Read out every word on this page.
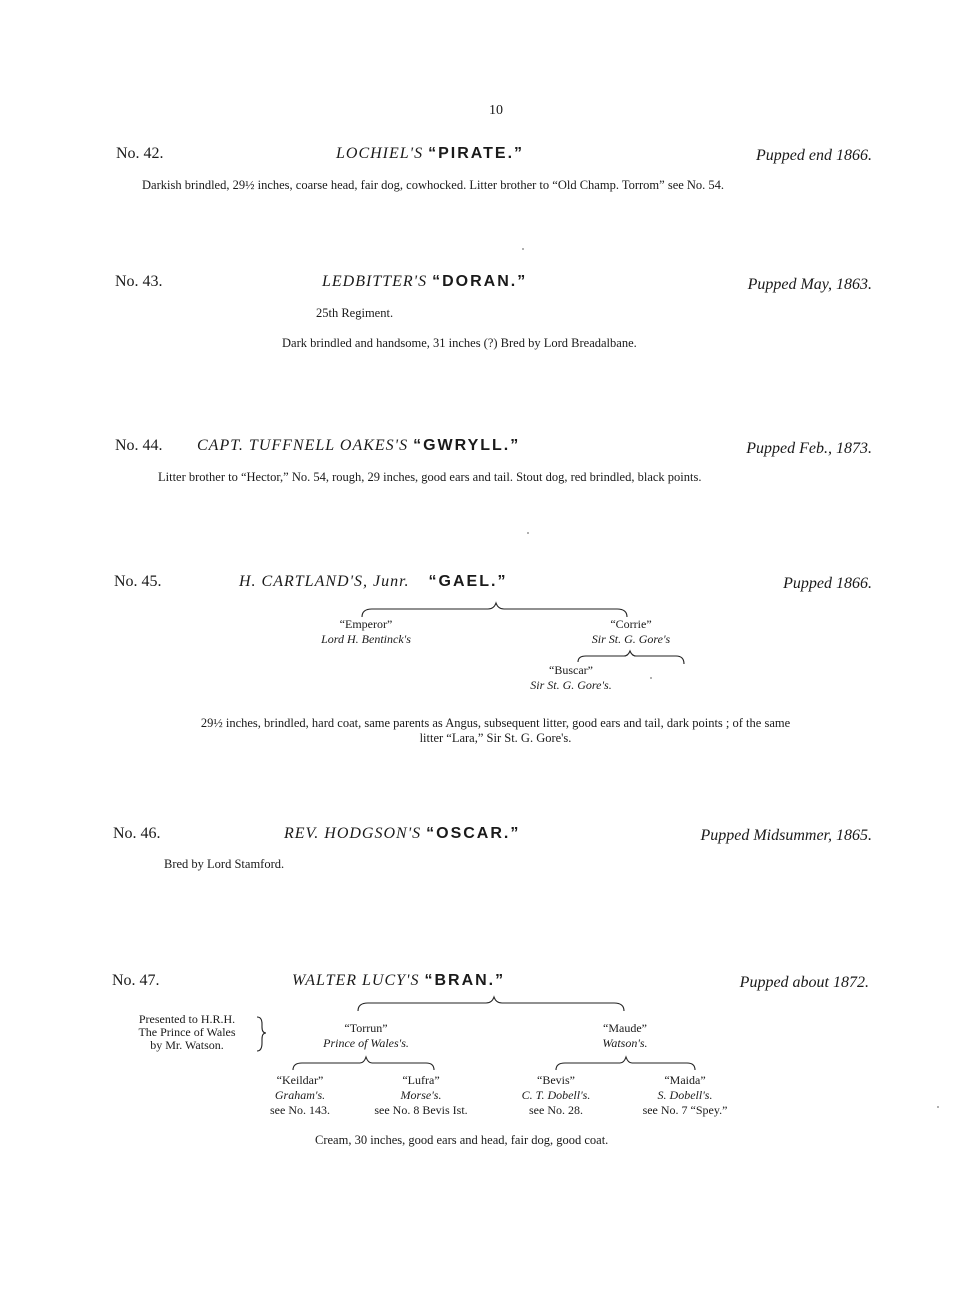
10
No. 42.	LOCHIEL'S “PIRATE.”	Pupped end 1866.
Darkish brindled, 29½ inches, coarse head, fair dog, cowhocked. Litter brother to “Old Champ. Torrom” see No. 54.
No. 43.	LEDBITTER'S “DORAN.”	Pupped May, 1863.
25th Regiment.
Dark brindled and handsome, 31 inches (?) Bred by Lord Breadalbane.
No. 44. CAPT. TUFFNELL OAKES'S “GWRYLL.”	Pupped Feb., 1873.
Litter brother to “Hector,” No. 54, rough, 29 inches, good ears and tail. Stout dog, red brindled, black points.
No. 45.	H. CARTLAND'S, Junr. “GAEL.”	Pupped 1866.
“Emperor”
Lord H. Bentinck's
“Corrie”
Sir St. G. Gore's
“Buscar”
Sir St. G. Gore's.
29½ inches, brindled, hard coat, same parents as Angus, subsequent litter, good ears and tail, dark points ; of the same
litter “Lara,” Sir St. G. Gore's.
No. 46.	REV. HODGSON'S “OSCAR.”	Pupped Midsummer, 1865.
Bred by Lord Stamford.
No. 47.	WALTER LUCY'S “BRAN.”	Pupped about 1872.
Presented to H.R.H.
The Prince of Wales
by Mr. Watson.
“Torrun”
Prince of Wales's.
“Maude”
Watson's.
“Keildar”
Graham's.
see No. 143.
“Lufra”
Morse's.
see No. 8 Bevis Ist.
“Bevis”
C. T. Dobell's.
see No. 28.
“Maida”
S. Dobell's.
see No. 7 “Spey.”
Cream, 30 inches, good ears and head, fair dog, good coat.
